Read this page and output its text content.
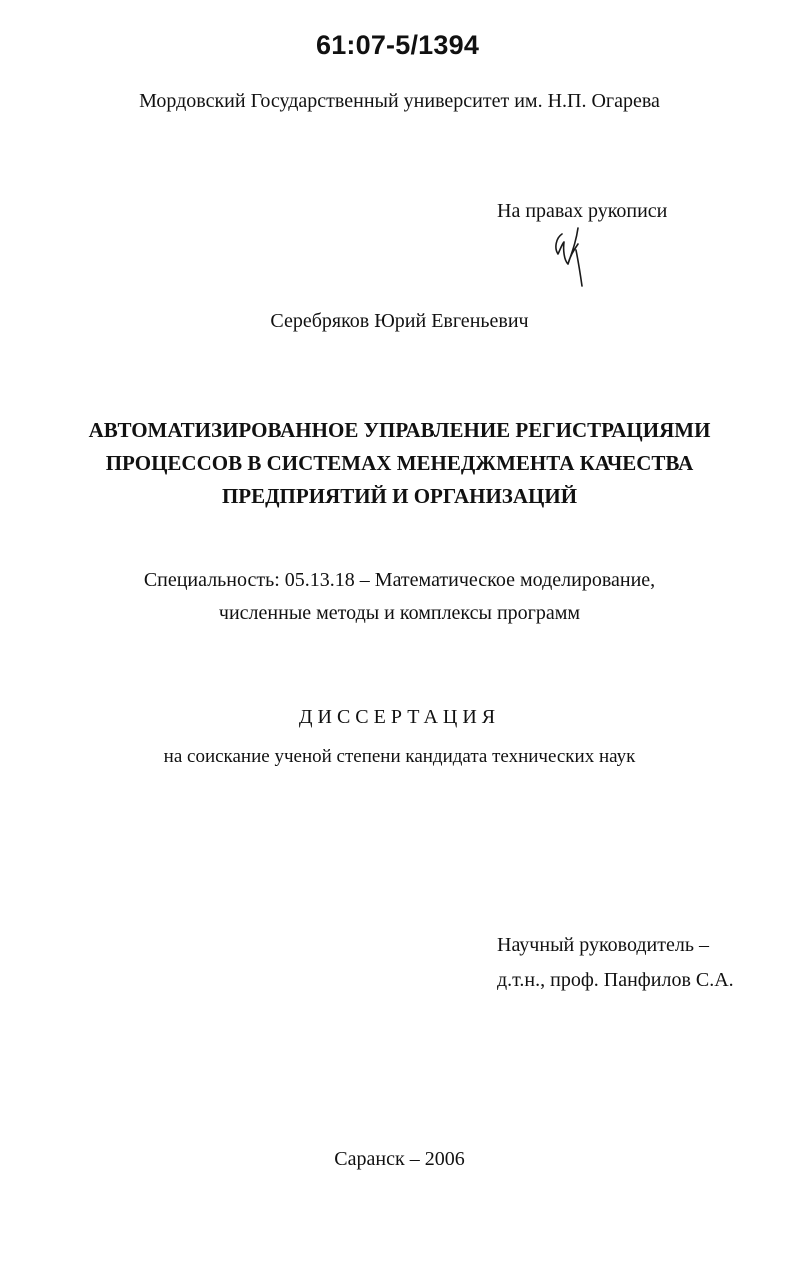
61:07-5/1394
Мордовский Государственный университет им. Н.П. Огарева
На правах рукописи
Серебряков Юрий Евгеньевич
АВТОМАТИЗИРОВАННОЕ УПРАВЛЕНИЕ РЕГИСТРАЦИЯМИ
ПРОЦЕССОВ В СИСТЕМАХ МЕНЕДЖМЕНТА КАЧЕСТВА
ПРЕДПРИЯТИЙ И ОРГАНИЗАЦИЙ
Специальность: 05.13.18 – Математическое моделирование,
численные методы и комплексы программ
ДИССЕРТАЦИЯ
на соискание ученой степени кандидата технических наук
Научный руководитель –
д.т.н., проф. Панфилов С.А.
Саранск – 2006
